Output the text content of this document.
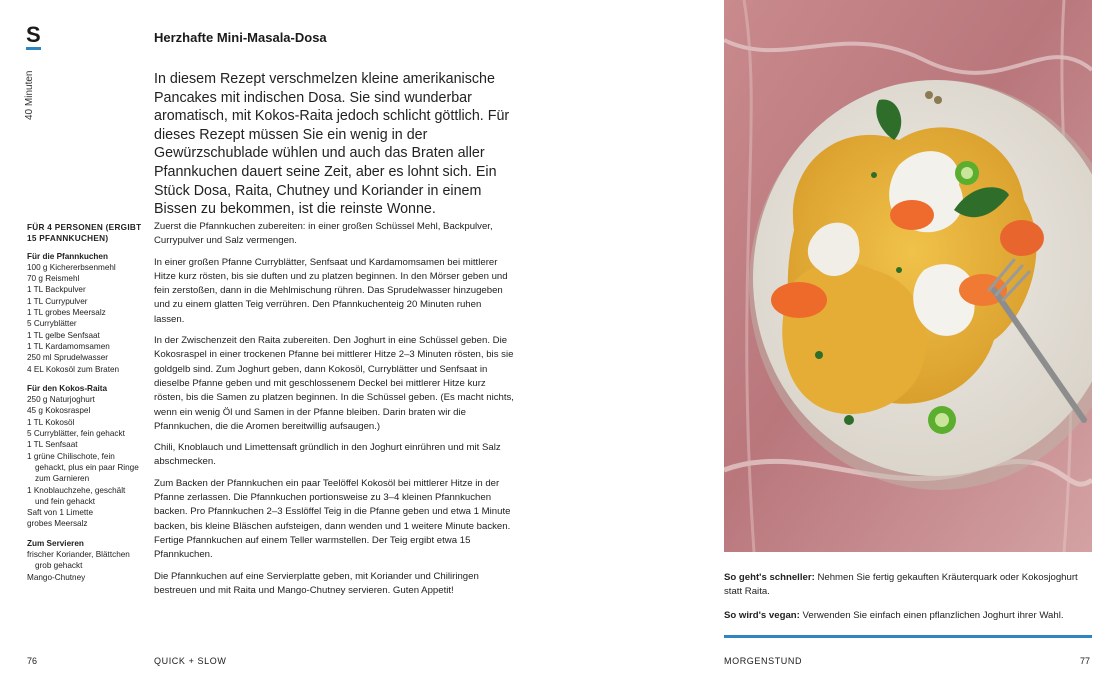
S
40 Minuten
Herzhafte Mini-Masala-Dosa

In diesem Rezept verschmelzen kleine amerikanische Pancakes mit indischen Dosa. Sie sind wunderbar aromatisch, mit Kokos-Raita jedoch schlicht göttlich. Für dieses Rezept müssen Sie ein wenig in der Gewürzschublade wühlen und auch das Braten aller Pfannkuchen dauert seine Zeit, aber es lohnt sich. Ein Stück Dosa, Raita, Chutney und Koriander in einem Bissen zu bekommen, ist die reinste Wonne.

FÜR 4 PERSONEN (ERGIBT 15 PFANNKUCHEN)
Für die Pfannkuchen
100 g Kichererbsenmehl
70 g Reismehl
1 TL Backpulver
1 TL Currypulver
1 TL grobes Meersalz
5 Curryblätter
1 TL gelbe Senfsaat
1 TL Kardamomsamen
250 ml Sprudelwasser
4 EL Kokosöl zum Braten
Für den Kokos-Raita
250 g Naturjoghurt
45 g Kokosraspel
1 TL Kokosöl
5 Curryblätter, fein gehackt
1 TL Senfsaat
1 grüne Chilischote, fein
gehackt, plus ein paar Ringe
zum Garnieren
1 Knoblauchzehe, geschält
und fein gehackt
Saft von 1 Limette
grobes Meersalz
Zum Servieren
frischer Koriander, Blättchen
grob gehackt
Mango-Chutney

Zuerst die Pfannkuchen zubereiten: in einer großen Schüssel Mehl, Backpulver, Currypulver und Salz vermengen.

In einer großen Pfanne Curryblätter, Senfsaat und Kardamomsamen bei mittlerer Hitze kurz rösten, bis sie duften und zu platzen beginnen. In den Mörser geben und fein zerstoßen, dann in die Mehlmischung rühren. Das Sprudelwasser hinzugeben und zu einem glatten Teig verrühren. Den Pfannkuchenteig 20 Minuten ruhen lassen.

In der Zwischenzeit den Raita zubereiten. Den Joghurt in eine Schüssel geben. Die Kokosraspel in einer trockenen Pfanne bei mittlerer Hitze 2–3 Minuten rösten, bis sie goldgelb sind. Zum Joghurt geben, dann Kokosöl, Curryblätter und Senfsaat in dieselbe Pfanne geben und mit geschlossenem Deckel bei mittlerer Hitze kurz rösten, bis die Samen zu platzen beginnen. In die Schüssel geben. (Es macht nichts, wenn ein wenig Öl und Samen in der Pfanne bleiben. Darin braten wir die Pfannkuchen, die die Aromen bereitwillig aufsaugen.)

Chili, Knoblauch und Limettensaft gründlich in den Joghurt einrühren und mit Salz abschmecken.

Zum Backen der Pfannkuchen ein paar Teelöffel Kokosöl bei mittlerer Hitze in der Pfanne zerlassen. Die Pfannkuchen portionsweise zu 3–4 kleinen Pfannkuchen backen. Pro Pfannkuchen 2–3 Esslöffel Teig in die Pfanne geben und etwa 1 Minute backen, bis kleine Bläschen aufsteigen, dann wenden und 1 weitere Minute backen. Fertige Pfannkuchen auf einem Teller warmstellen. Der Teig ergibt etwa 15 Pfannkuchen.

Die Pfannkuchen auf eine Servierplatte geben, mit Koriander und Chiliringen bestreuen und mit Raita und Mango-Chutney servieren. Guten Appetit!

76	QUICK + SLOW

So geht's schneller: Nehmen Sie fertig gekauften Kräuterquark oder Kokosjoghurt statt Raita.

So wird's vegan: Verwenden Sie einfach einen pflanzlichen Joghurt ihrer Wahl.

MORGENSTUND	77
